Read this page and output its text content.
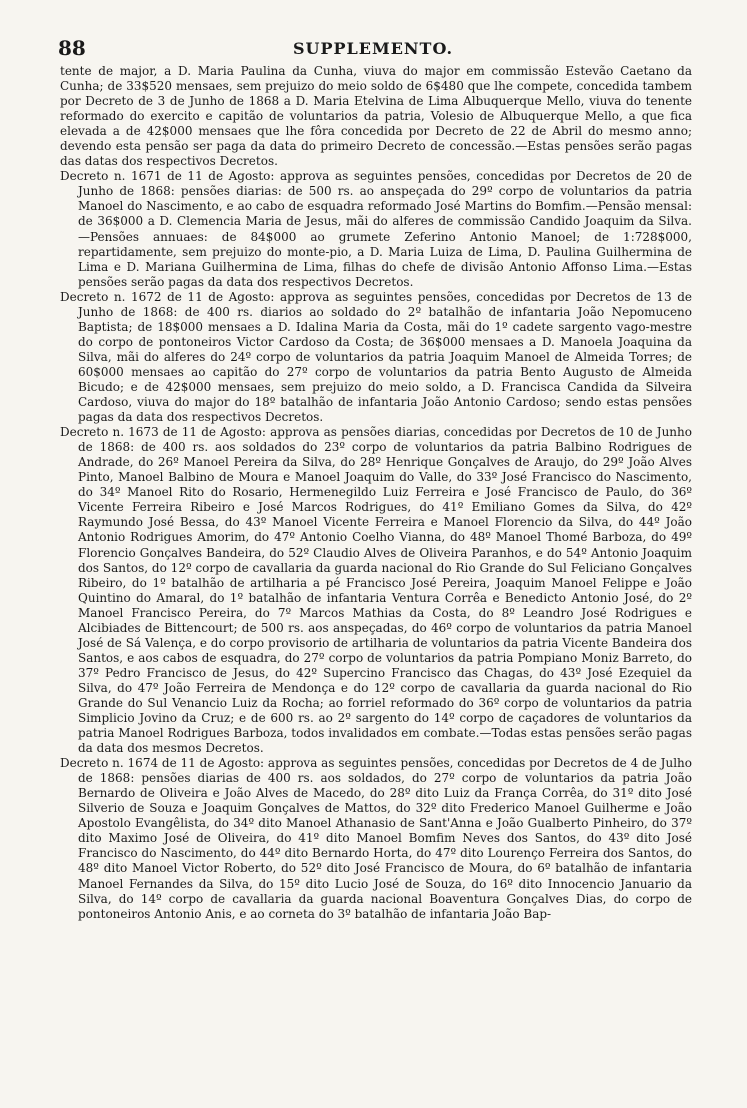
88	SUPPLEMENTO.

tente de major, a D. Maria Paulina da Cunha, viuva do major em commissão Estevão Caetano da Cunha; de 33$520 mensaes, sem prejuizo do meio soldo de 6$480 que lhe compete, concedida tambem por Decreto de 3 de Junho de 1868 a D. Maria Etelvina de Lima Albuquerque Mello, viuva do tenente reformado do exercito e capitão de voluntarios da patria, Volesio de Albuquerque Mello, a que fica elevada a de 42$000 mensaes que lhe fôra concedida por Decreto de 22 de Abril do mesmo anno; devendo esta pensão ser paga da data do primeiro Decreto de concessão.—Estas pensões serão pagas das datas dos respectivos Decretos.

Decreto n. 1671 de 11 de Agosto: approva as seguintes pensões, concedidas por Decretos de 20 de Junho de 1868: pensões diarias: de 500 rs. ao anspeçada do 29º corpo de voluntarios da patria Manoel do Nascimento, e ao cabo de esquadra reformado José Martins do Bomfim.—Pensão mensal: de 36$000 a D. Clemencia Maria de Jesus, mãi do alferes de commissão Candido Joaquim da Silva.—Pensões annuaes: de 84$000 ao grumete Zeferino Antonio Manoel; de 1:728$000, repartidamente, sem prejuizo do monte-pio, a D. Maria Luiza de Lima, D. Paulina Guilhermina de Lima e D. Mariana Guilhermina de Lima, filhas do chefe de divisão Antonio Affonso Lima.—Estas pensões serão pagas da data dos respectivos Decretos.

Decreto n. 1672 de 11 de Agosto: approva as seguintes pensões, concedidas por Decretos de 13 de Junho de 1868: de 400 rs. diarios ao soldado do 2º batalhão de infantaria João Nepomuceno Baptista; de 18$000 mensaes a D. Idalina Maria da Costa, mãi do 1º cadete sargento vago-mestre do corpo de pontoneiros Victor Cardoso da Costa; de 36$000 mensaes a D. Manoela Joaquina da Silva, mãi do alferes do 24º corpo de voluntarios da patria Joaquim Manoel de Almeida Torres; de 60$000 mensaes ao capitão do 27º corpo de voluntarios da patria Bento Augusto de Almeida Bicudo; e de 42$000 mensaes, sem prejuizo do meio soldo, a D. Francisca Candida da Silveira Cardoso, viuva do major do 18º batalhão de infantaria João Antonio Cardoso; sendo estas pensões pagas da data dos respectivos Decretos.

Decreto n. 1673 de 11 de Agosto: approva as pensões diarias, concedidas por Decretos de 10 de Junho de 1868: de 400 rs. aos soldados do 23º corpo de voluntarios da patria Balbino Rodrigues de Andrade, do 26º Manoel Pereira da Silva, do 28º Henrique Gonçalves de Araujo, do 29º João Alves Pinto, Manoel Balbino de Moura e Manoel Joaquim do Valle, do 33º José Francisco do Nascimento, do 34º Manoel Rito do Rosario, Hermenegildo Luiz Ferreira e José Francisco de Paulo, do 36º Vicente Ferreira Ribeiro e José Marcos Rodrigues, do 41º Emiliano Gomes da Silva, do 42º Raymundo José Bessa, do 43º Manoel Vicente Ferreira e Manoel Florencio da Silva, do 44º João Antonio Rodrigues Amorim, do 47º Antonio Coelho Vianna, do 48º Manoel Thomé Barboza, do 49º Florencio Gonçalves Bandeira, do 52º Claudio Alves de Oliveira Paranhos, e do 54º Antonio Joaquim dos Santos, do 12º corpo de cavallaria da guarda nacional do Rio Grande do Sul Feliciano Gonçalves Ribeiro, do 1º batalhão de artilharia a pé Francisco José Pereira, Joaquim Manoel Felippe e João Quintino do Amaral, do 1º batalhão de infantaria Ventura Corrêa e Benedicto Antonio José, do 2º Manoel Francisco Pereira, do 7º Marcos Mathias da Costa, do 8º Leandro José Rodrigues e Alcibiades de Bittencourt; de 500 rs. aos anspeçadas, do 46º corpo de voluntarios da patria Manoel José de Sá Valença, e do corpo provisorio de artilharia de voluntarios da patria Vicente Bandeira dos Santos, e aos cabos de esquadra, do 27º corpo de voluntarios da patria Pompiano Moniz Barreto, do 37º Pedro Francisco de Jesus, do 42º Supercino Francisco das Chagas, do 43º José Ezequiel da Silva, do 47º João Ferreira de Mendonça e do 12º corpo de cavallaria da guarda nacional do Rio Grande do Sul Venancio Luiz da Rocha; ao forriel reformado do 36º corpo de voluntarios da patria Simplicio Jovino da Cruz; e de 600 rs. ao 2º sargento do 14º corpo de caçadores de voluntarios da patria Manoel Rodrigues Barboza, todos invalidados em combate.—Todas estas pensões serão pagas da data dos mesmos Decretos.

Decreto n. 1674 de 11 de Agosto: approva as seguintes pensões, concedidas por Decretos de 4 de Julho de 1868: pensões diarias de 400 rs. aos soldados, do 27º corpo de voluntarios da patria João Bernardo de Oliveira e João Alves de Macedo, do 28º dito Luiz da França Corrêa, do 31º dito José Silverio de Souza e Joaquim Gonçalves de Mattos, do 32º dito Frederico Manoel Guilherme e João Apostolo Evangêlista, do 34º dito Manoel Athanasio de Sant'Anna e João Gualberto Pinheiro, do 37º dito Maximo José de Oliveira, do 41º dito Manoel Bomfim Neves dos Santos, do 43º dito José Francisco do Nascimento, do 44º dito Bernardo Horta, do 47º dito Lourenço Ferreira dos Santos, do 48º dito Manoel Victor Roberto, do 52º dito José Francisco de Moura, do 6º batalhão de infantaria Manoel Fernandes da Silva, do 15º dito Lucio José de Souza, do 16º dito Innocencio Januario da Silva, do 14º corpo de cavallaria da guarda nacional Boaventura Gonçalves Dias, do corpo de pontoneiros Antonio Anis, e ao corneta do 3º batalhão de infantaria João Bap-
